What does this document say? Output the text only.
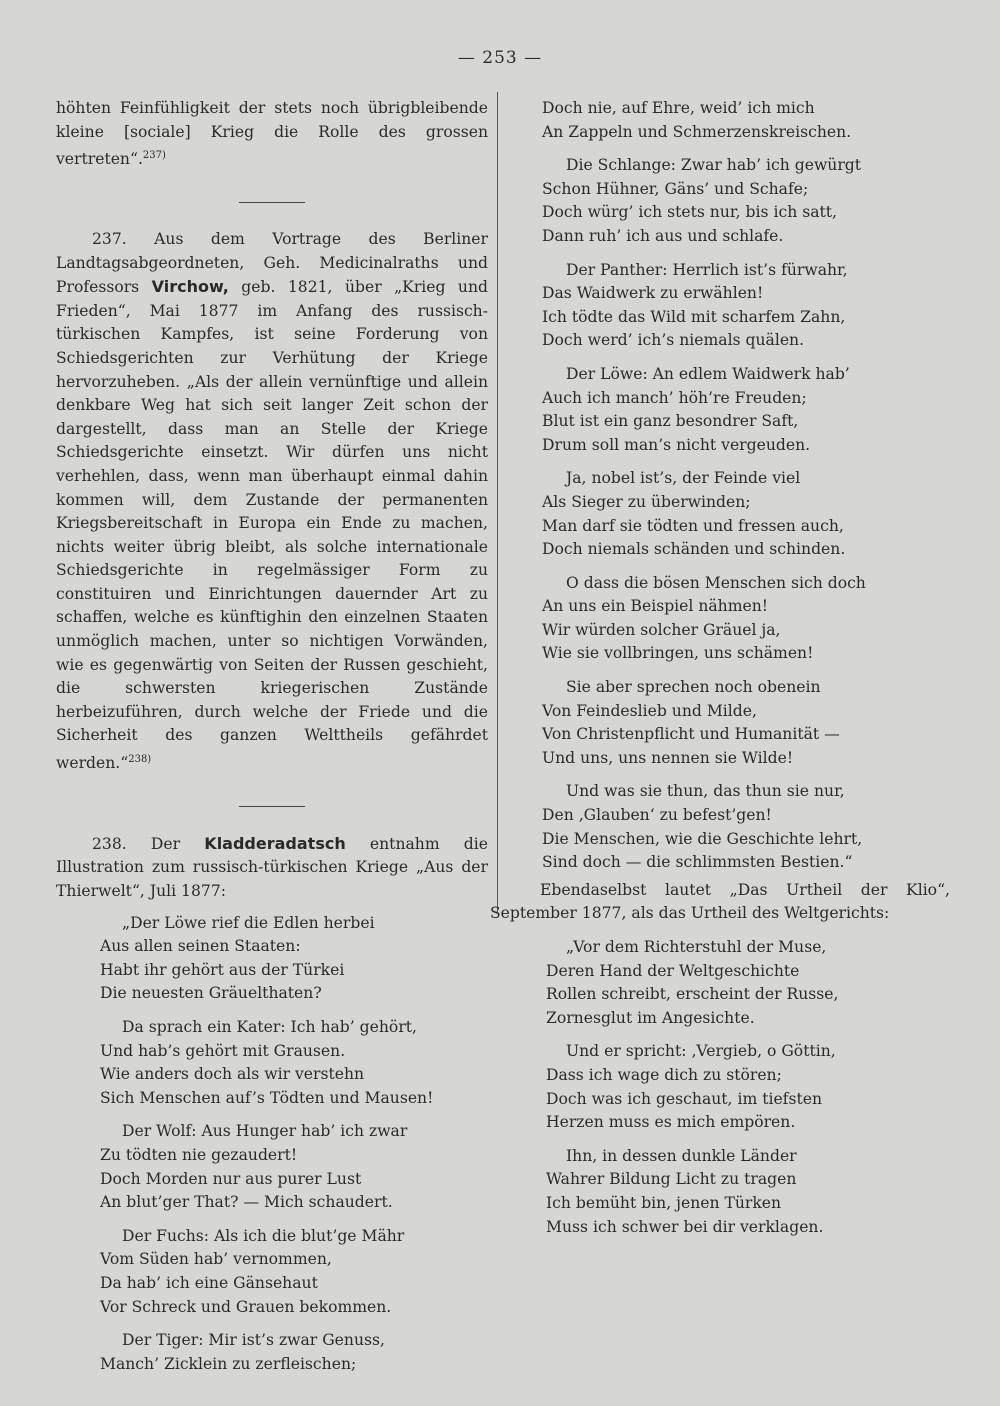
— 253 —

höhten Feinfühligkeit der stets noch übrigbleibende kleine [sociale] Krieg die Rolle des grossen vertreten“.$^{237)}$

237. Aus dem Vortrage des Berliner Landtagsabgeordneten, Geh. Medicinalraths und Professors Virchow, geb. 1821, über „Krieg und Frieden“, Mai 1877 im Anfang des russisch-türkischen Kampfes, ist seine Forderung von Schiedsgerichten zur Verhütung der Kriege hervorzuheben. „Als der allein vernünftige und allein denkbare Weg hat sich seit langer Zeit schon der dargestellt, dass man an Stelle der Kriege Schiedsgerichte einsetzt. Wir dürfen uns nicht verhehlen, dass, wenn man überhaupt einmal dahin kommen will, dem Zustande der permanenten Kriegsbereitschaft in Europa ein Ende zu machen, nichts weiter übrig bleibt, als solche internationale Schiedsgerichte in regelmässiger Form zu constituiren und Einrichtungen dauernder Art zu schaffen, welche es künftighin den einzelnen Staaten unmöglich machen, unter so nichtigen Vorwänden, wie es gegenwärtig von Seiten der Russen geschieht, die schwersten kriegerischen Zustände herbeizuführen, durch welche der Friede und die Sicherheit des ganzen Welttheils gefährdet werden.“$^{238)}$

238. Der Kladderadatsch entnahm die Illustration zum russisch-türkischen Kriege „Aus der Thierwelt“, Juli 1877:

„Der Löwe rief die Edlen herbei
Aus allen seinen Staaten:
Habt ihr gehört aus der Türkei
Die neuesten Gräuelthaten?
Da sprach ein Kater: Ich hab’ gehört,
Und hab’s gehört mit Grausen.
Wie anders doch als wir verstehn
Sich Menschen auf’s Tödten und Mausen!
Der Wolf: Aus Hunger hab’ ich zwar
Zu tödten nie gezaudert!
Doch Morden nur aus purer Lust
An blut’ger That? — Mich schaudert.
Der Fuchs: Als ich die blut’ge Mähr
Vom Süden hab’ vernommen,
Da hab’ ich eine Gänsehaut
Vor Schreck und Grauen bekommen.
Der Tiger: Mir ist’s zwar Genuss,
Manch’ Zicklein zu zerfleischen;
Doch nie, auf Ehre, weid’ ich mich
An Zappeln und Schmerzenskreischen.
Die Schlange: Zwar hab’ ich gewürgt
Schon Hühner, Gäns’ und Schafe;
Doch würg’ ich stets nur, bis ich satt,
Dann ruh’ ich aus und schlafe.
Der Panther: Herrlich ist’s fürwahr,
Das Waidwerk zu erwählen!
Ich tödte das Wild mit scharfem Zahn,
Doch werd’ ich’s niemals quälen.
Der Löwe: An edlem Waidwerk hab’
Auch ich manch’ höh’re Freuden;
Blut ist ein ganz besondrer Saft,
Drum soll man’s nicht vergeuden.
Ja, nobel ist’s, der Feinde viel
Als Sieger zu überwinden;
Man darf sie tödten und fressen auch,
Doch niemals schänden und schinden.
O dass die bösen Menschen sich doch
An uns ein Beispiel nähmen!
Wir würden solcher Gräuel ja,
Wie sie vollbringen, uns schämen!
Sie aber sprechen noch obenein
Von Feindeslieb und Milde,
Von Christenpflicht und Humanität —
Und uns, uns nennen sie Wilde!
Und was sie thun, das thun sie nur,
Den ‚Glauben‘ zu befest’gen!
Die Menschen, wie die Geschichte lehrt,
Sind doch — die schlimmsten Bestien.“

Ebendaselbst lautet „Das Urtheil der Klio“, September 1877, als das Urtheil des Weltgerichts:

„Vor dem Richterstuhl der Muse,
Deren Hand der Weltgeschichte
Rollen schreibt, erscheint der Russe,
Zornesglut im Angesichte.
Und er spricht: ‚Vergieb, o Göttin,
Dass ich wage dich zu stören;
Doch was ich geschaut, im tiefsten
Herzen muss es mich empören.
Ihn, in dessen dunkle Länder
Wahrer Bildung Licht zu tragen
Ich bemüht bin, jenen Türken
Muss ich schwer bei dir verklagen.
